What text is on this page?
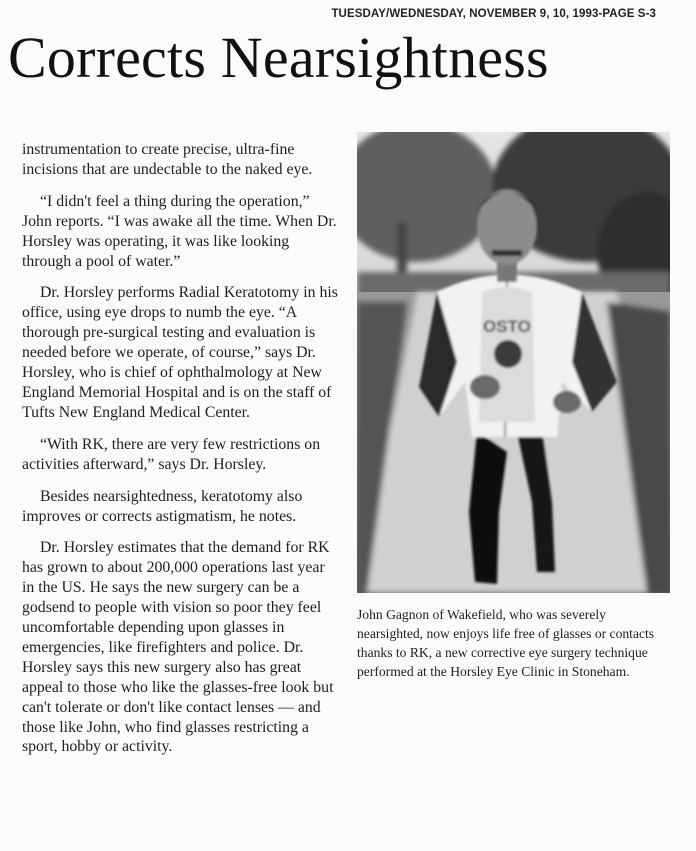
TUESDAY/WEDNESDAY, NOVEMBER 9, 10, 1993-PAGE S-3
Corrects Nearsightness

instrumentation to create precise, ultra-fine incisions that are undectable to the naked eye.

“I didn't feel a thing during the operation,” John reports. “I was awake all the time. When Dr. Horsley was operating, it was like looking through a pool of water.”

Dr. Horsley performs Radial Keratotomy in his office, using eye drops to numb the eye. “A thorough pre-surgical testing and evaluation is needed before we operate, of course,” says Dr. Horsley, who is chief of ophthalmology at New England Memorial Hospital and is on the staff of Tufts New England Medical Center.

“With RK, there are very few restrictions on activities afterward,” says Dr. Horsley.

Besides nearsightedness, keratotomy also improves or corrects astigmatism, he notes.

Dr. Horsley estimates that the demand for RK has grown to about 200,000 operations last year in the US. He says the new surgery can be a godsend to people with vision so poor they feel uncomfortable depending upon glasses in emergencies, like firefighters and police. Dr. Horsley says this new surgery also has great appeal to those who like the glasses-free look but can't tolerate or don't like contact lenses — and those like John, who find glasses restricting a sport, hobby or activity.

OSTO
John Gagnon of Wakefield, who was severely nearsighted, now enjoys life free of glasses or contacts thanks to RK, a new corrective eye surgery technique performed at the Horsley Eye Clinic in Stoneham.
